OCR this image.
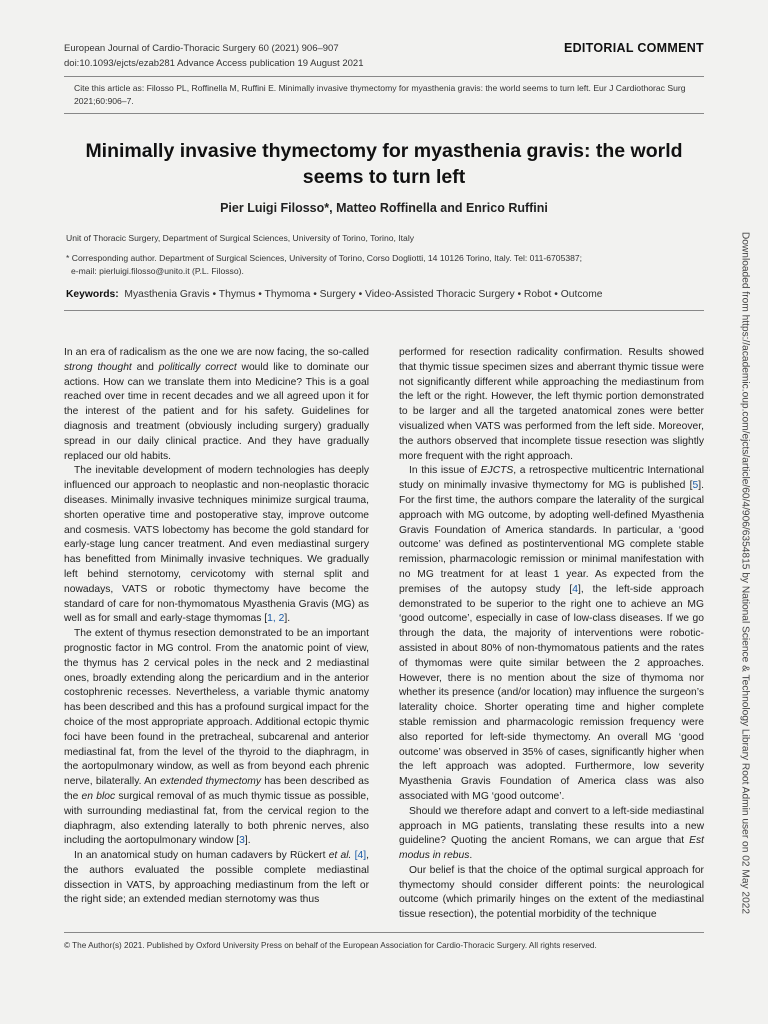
European Journal of Cardio-Thoracic Surgery 60 (2021) 906–907
doi:10.1093/ejcts/ezab281 Advance Access publication 19 August 2021
EDITORIAL COMMENT
Cite this article as: Filosso PL, Roffinella M, Ruffini E. Minimally invasive thymectomy for myasthenia gravis: the world seems to turn left. Eur J Cardiothorac Surg 2021;60:906–7.
Minimally invasive thymectomy for myasthenia gravis: the world
seems to turn left
Pier Luigi Filosso*, Matteo Roffinella and Enrico Ruffini
Unit of Thoracic Surgery, Department of Surgical Sciences, University of Torino, Torino, Italy
* Corresponding author. Department of Surgical Sciences, University of Torino, Corso Dogliotti, 14 10126 Torino, Italy. Tel: 011-6705387;
e-mail: pierluigi.filosso@unito.it (P.L. Filosso).
Keywords: Myasthenia Gravis • Thymus • Thymoma • Surgery • Video-Assisted Thoracic Surgery • Robot • Outcome

In an era of radicalism as the one we are now facing, the so-called strong thought and politically correct would like to dominate our actions. How can we translate them into Medicine? This is a goal reached over time in recent decades and we all agreed upon it for the interest of the patient and for his safety. Guidelines for diagnosis and treatment (obviously including surgery) gradually spread in our daily clinical practice. And they have gradually replaced our old habits.

The inevitable development of modern technologies has deeply influenced our approach to neoplastic and non-neoplastic thoracic diseases. Minimally invasive techniques minimize surgical trauma, shorten operative time and postoperative stay, improve outcome and cosmesis. VATS lobectomy has become the gold standard for early-stage lung cancer treatment. And even mediastinal surgery has benefitted from Minimally invasive techniques. We gradually left behind sternotomy, cervicotomy with sternal split and nowadays, VATS or robotic thymectomy have become the standard of care for non-thymomatous Myasthenia Gravis (MG) as well as for small and early-stage thymomas [1, 2].

The extent of thymus resection demonstrated to be an important prognostic factor in MG control. From the anatomic point of view, the thymus has 2 cervical poles in the neck and 2 mediastinal ones, broadly extending along the pericardium and in the anterior costophrenic recesses. Nevertheless, a variable thymic anatomy has been described and this has a profound surgical impact for the choice of the most appropriate approach. Additional ectopic thymic foci have been found in the pretracheal, subcarenal and anterior mediastinal fat, from the level of the thyroid to the diaphragm, in the aortopulmonary window, as well as from beyond each phrenic nerve, bilaterally. An extended thymectomy has been described as the en bloc surgical removal of as much thymic tissue as possible, with surrounding mediastinal fat, from the cervical region to the diaphragm, also extending laterally to both phrenic nerves, also including the aortopulmonary window [3].

In an anatomical study on human cadavers by Rückert et al. [4], the authors evaluated the possible complete mediastinal dissection in VATS, by approaching mediastinum from the left or the right side; an extended median sternotomy was thus

performed for resection radicality confirmation. Results showed that thymic tissue specimen sizes and aberrant thymic tissue were not significantly different while approaching the mediastinum from the left or the right. However, the left thymic portion demonstrated to be larger and all the targeted anatomical zones were better visualized when VATS was performed from the left side. Moreover, the authors observed that incomplete tissue resection was slightly more frequent with the right approach.

In this issue of EJCTS, a retrospective multicentric International study on minimally invasive thymectomy for MG is published [5]. For the first time, the authors compare the laterality of the surgical approach with MG outcome, by adopting well-defined Myasthenia Gravis Foundation of America standards. In particular, a ‘good outcome’ was defined as postinterventional MG complete stable remission, pharmacologic remission or minimal manifestation with no MG treatment for at least 1 year. As expected from the premises of the autopsy study [4], the left-side approach demonstrated to be superior to the right one to achieve an MG ‘good outcome’, especially in case of low-class diseases. If we go through the data, the majority of interventions were robotic-assisted in about 80% of non-thymomatous patients and the rates of thymomas were quite similar between the 2 approaches. However, there is no mention about the size of thymoma nor whether its presence (and/or location) may influence the surgeon’s laterality choice. Shorter operating time and higher complete stable remission and pharmacologic remission frequency were also reported for left-side thymectomy. An overall MG ‘good outcome’ was observed in 35% of cases, significantly higher when the left approach was adopted. Furthermore, low severity Myasthenia Gravis Foundation of America class was also associated with MG ‘good outcome’.

Should we therefore adapt and convert to a left-side mediastinal approach in MG patients, translating these results into a new guideline? Quoting the ancient Romans, we can argue that Est modus in rebus.

Our belief is that the choice of the optimal surgical approach for thymectomy should consider different points: the neurological outcome (which primarily hinges on the extent of the mediastinal tissue resection), the potential morbidity of the technique

Downloaded from https://academic.oup.com/ejcts/article/60/4/906/6354815 by National Science & Technology Library Root Admin user on 02 May 2022
© The Author(s) 2021. Published by Oxford University Press on behalf of the European Association for Cardio-Thoracic Surgery. All rights reserved.
